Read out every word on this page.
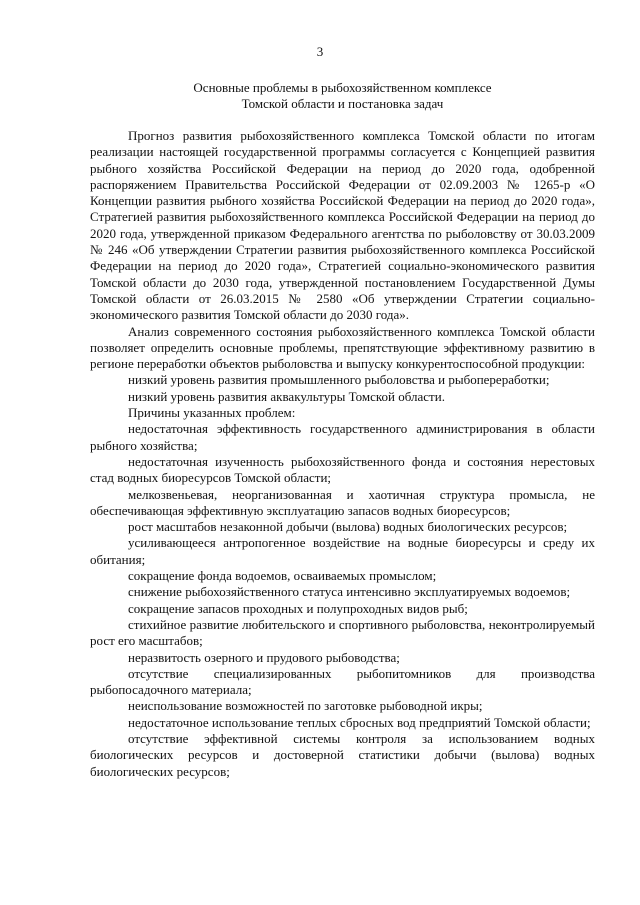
3
Основные проблемы в рыбохозяйственном комплексе
Томской области и постановка задач

Прогноз развития рыбохозяйственного комплекса Томской области по итогам реализации настоящей государственной программы согласуется с Концепцией развития рыбного хозяйства Российской Федерации на период до 2020 года, одобренной распоряжением Правительства Российской Федерации от 02.09.2003 № 1265-р «О Концепции развития рыбного хозяйства Российской Федерации на период до 2020 года», Стратегией развития рыбохозяйственного комплекса Российской Федерации на период до 2020 года, утвержденной приказом Федерального агентства по рыболовству от 30.03.2009 № 246 «Об утверждении Стратегии развития рыбохозяйственного комплекса Российской Федерации на период до 2020 года», Стратегией социально-экономического развития Томской области до 2030 года, утвержденной постановлением Государственной Думы Томской области от 26.03.2015 № 2580 «Об утверждении Стратегии социально-экономического развития Томской области до 2030 года».

Анализ современного состояния рыбохозяйственного комплекса Томской области позволяет определить основные проблемы, препятствующие эффективному развитию в регионе переработки объектов рыболовства и выпуску конкурентоспособной продукции:

низкий уровень развития промышленного рыболовства и рыбопереработки;

низкий уровень развития аквакультуры Томской области.

Причины указанных проблем:

недостаточная эффективность государственного администрирования в области рыбного хозяйства;

недостаточная изученность рыбохозяйственного фонда и состояния нерестовых стад водных биоресурсов Томской области;

мелкозвеньевая, неорганизованная и хаотичная структура промысла, не обеспечивающая эффективную эксплуатацию запасов водных биоресурсов;

рост масштабов незаконной добычи (вылова) водных биологических ресурсов;

усиливающееся антропогенное воздействие на водные биоресурсы и среду их обитания;

сокращение фонда водоемов, осваиваемых промыслом;

снижение рыбохозяйственного статуса интенсивно эксплуатируемых водоемов;

сокращение запасов проходных и полупроходных видов рыб;

стихийное развитие любительского и спортивного рыболовства, неконтролируемый рост его масштабов;

неразвитость озерного и прудового рыбоводства;

отсутствие специализированных рыбопитомников для производства рыбопосадочного материала;

неиспользование возможностей по заготовке рыбоводной икры;

недостаточное использование теплых сбросных вод предприятий Томской области;

отсутствие эффективной системы контроля за использованием водных биологических ресурсов и достоверной статистики добычи (вылова) водных биологических ресурсов;
